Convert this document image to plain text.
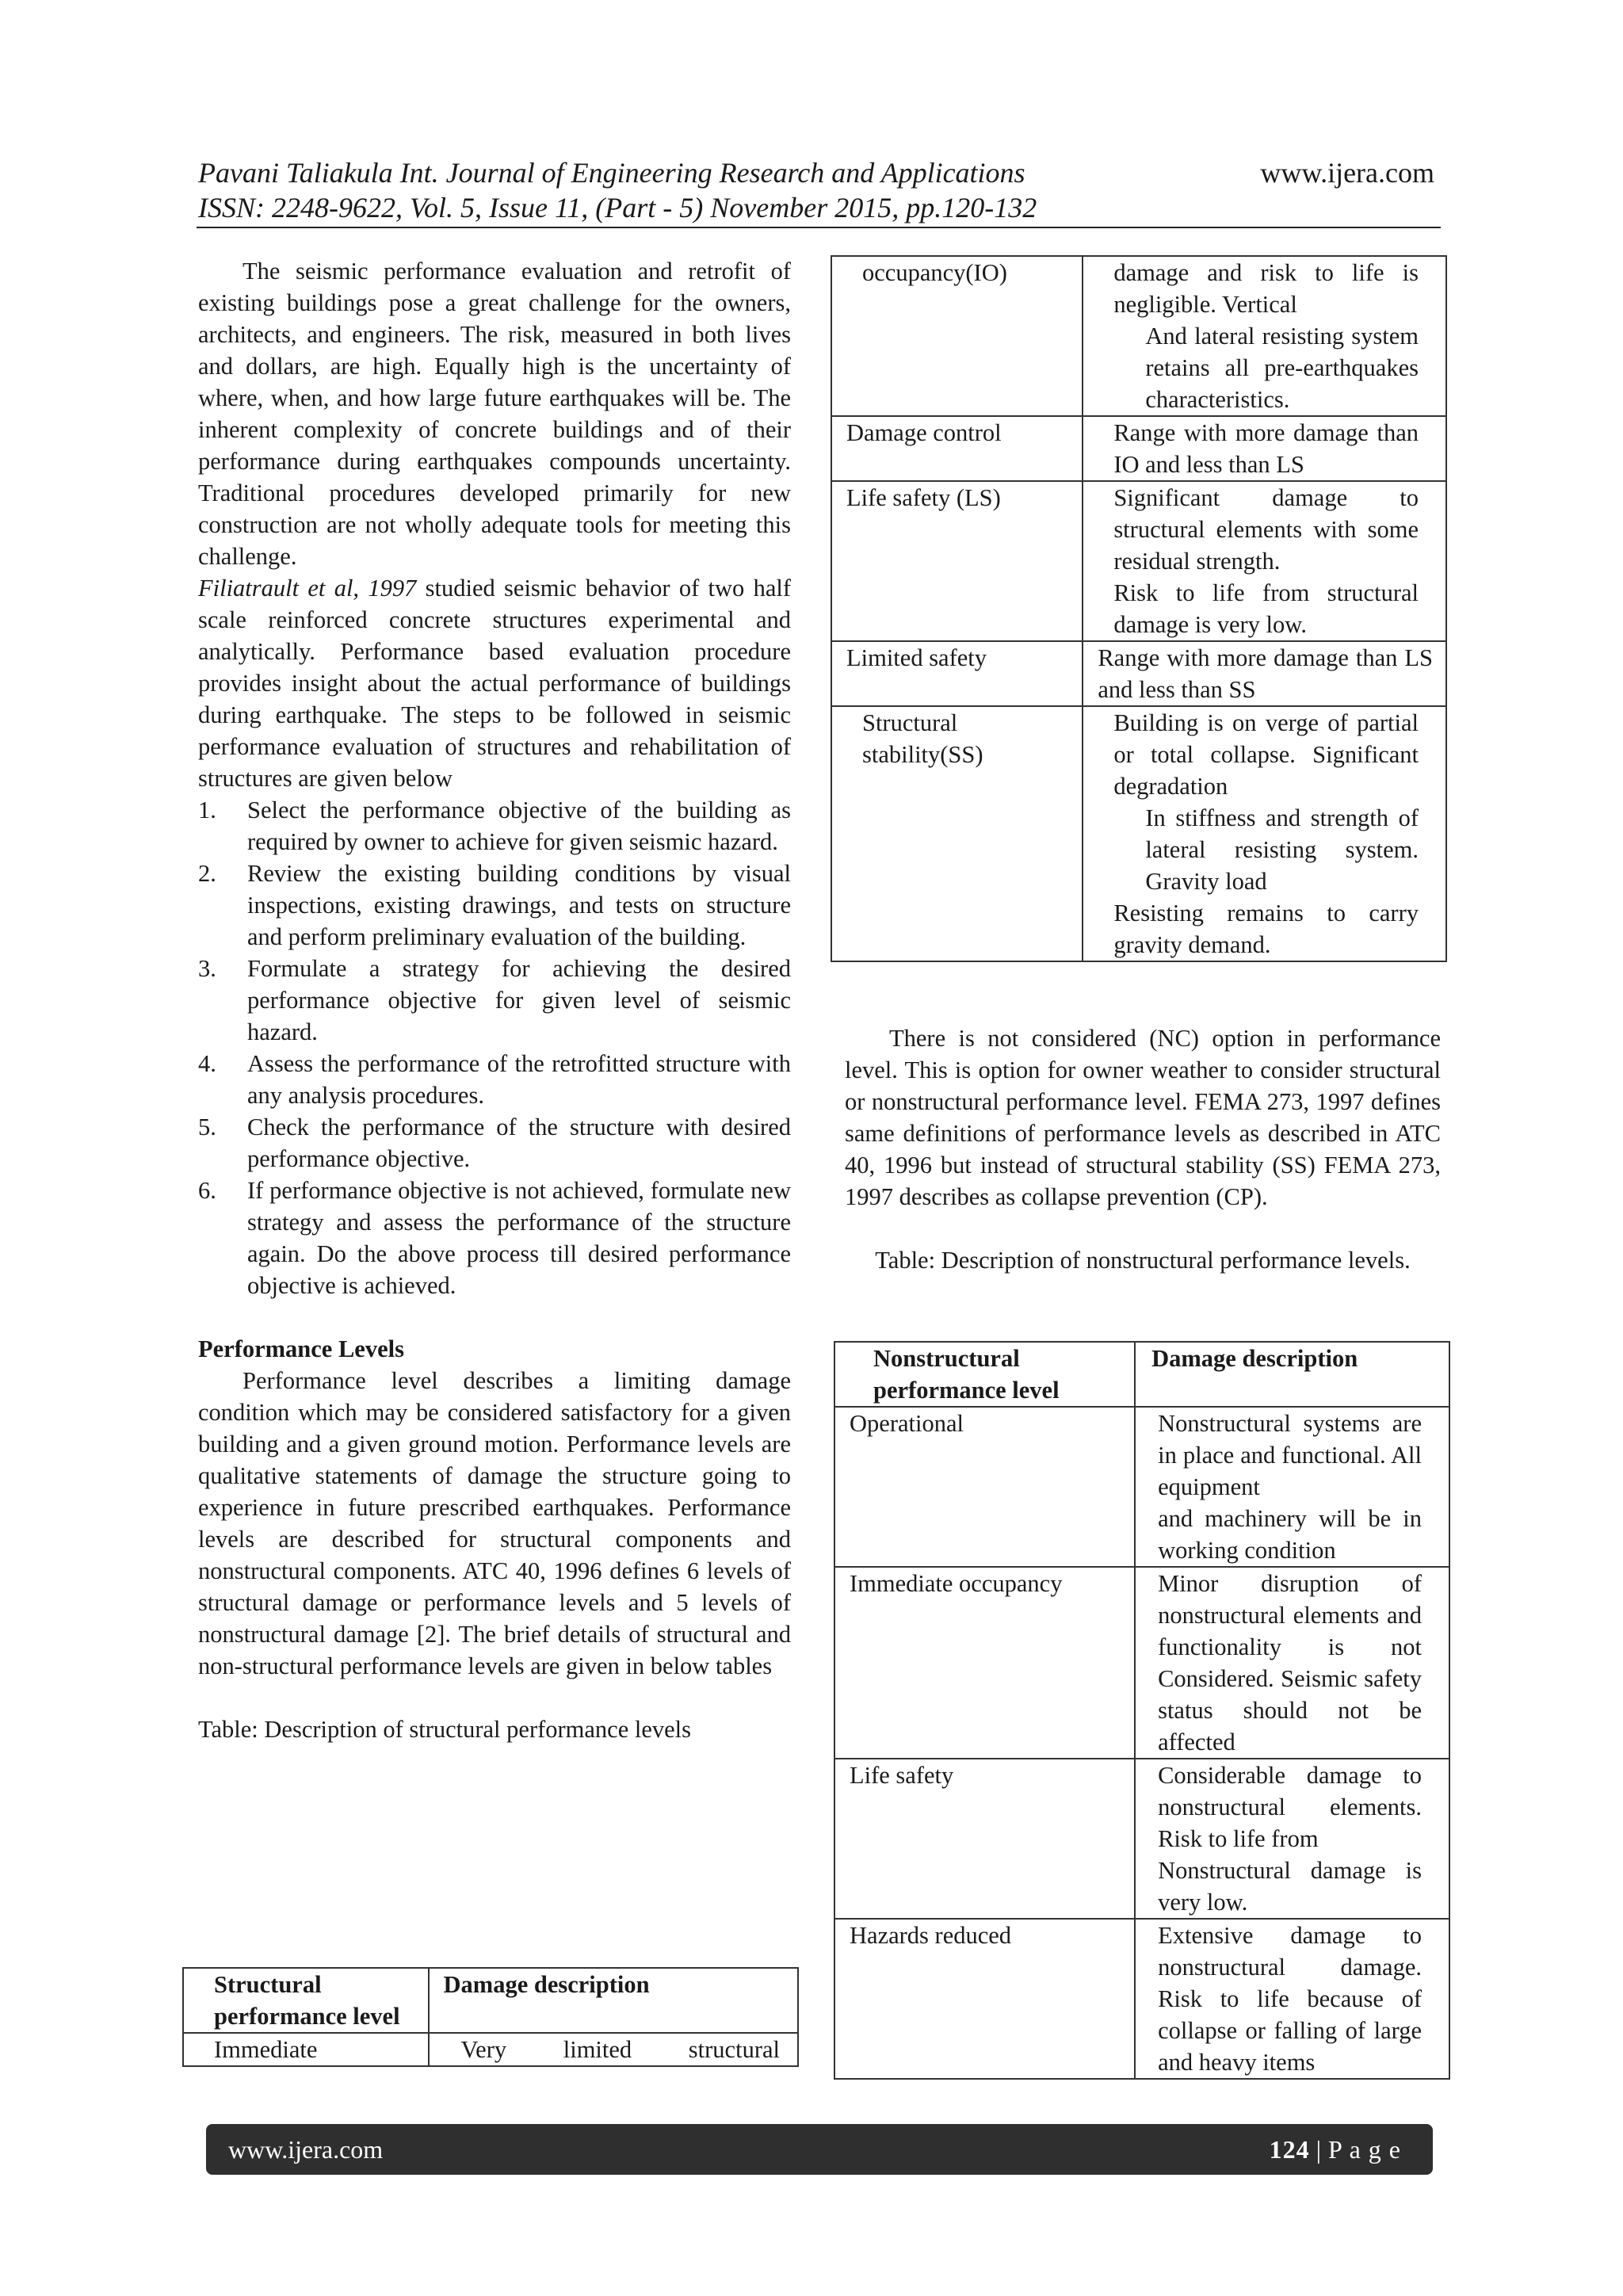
Pavani Taliakula Int. Journal of Engineering Research and Applications
ISSN: 2248-9622, Vol. 5, Issue 11, (Part - 5) November 2015, pp.120-132
www.ijera.com

The seismic performance evaluation and retrofit of existing buildings pose a great challenge for the owners, architects, and engineers. The risk, measured in both lives and dollars, are high. Equally high is the uncertainty of where, when, and how large future earthquakes will be. The inherent complexity of concrete buildings and of their performance during earthquakes compounds uncertainty. Traditional procedures developed primarily for new construction are not wholly adequate tools for meeting this challenge.

Filiatrault et al, 1997 studied seismic behavior of two half scale reinforced concrete structures experimental and analytically. Performance based evaluation procedure provides insight about the actual performance of buildings during earthquake. The steps to be followed in seismic performance evaluation of structures and rehabilitation of structures are given below

1. Select the performance objective of the building as required by owner to achieve for given seismic hazard.
2. Review the existing building conditions by visual inspections, existing drawings, and tests on structure and perform preliminary evaluation of the building.
3. Formulate a strategy for achieving the desired performance objective for given level of seismic hazard.
4. Assess the performance of the retrofitted structure with any analysis procedures.
5. Check the performance of the structure with desired performance objective.
6. If performance objective is not achieved, formulate new strategy and assess the performance of the structure again. Do the above process till desired performance objective is achieved.

Performance Levels

Performance level describes a limiting damage condition which may be considered satisfactory for a given building and a given ground motion. Performance levels are qualitative statements of damage the structure going to experience in future prescribed earthquakes. Performance levels are described for structural components and nonstructural components. ATC 40, 1996 defines 6 levels of structural damage or performance levels and 5 levels of nonstructural damage [2]. The brief details of structural and non-structural performance levels are given in below tables

Table: Description of structural performance levels

Structural performance level	Damage description
Immediate	Very limited structural
occupancy(IO)	damage and risk to life is negligible. Vertical
And lateral resisting system retains all pre-earthquakes characteristics.

Damage control	Range with more damage than IO and less than LS

Life safety (LS)	Significant damage to structural elements with some residual strength.
Risk to life from structural damage is very low.

Limited safety	Range with more damage than LS and less than SS

Structural stability(SS)	Building is on verge of partial or total collapse. Significant degradation
In stiffness and strength of lateral resisting system. Gravity load
Resisting remains to carry gravity demand.

There is not considered (NC) option in performance level. This is option for owner weather to consider structural or nonstructural performance level. FEMA 273, 1997 defines same definitions of performance levels as described in ATC 40, 1996 but instead of structural stability (SS) FEMA 273, 1997 describes as collapse prevention (CP).

Table: Description of nonstructural performance levels.

Nonstructural performance level	Damage description
Operational	Nonstructural systems are in place and functional. All equipment
and machinery will be in working condition

Immediate occupancy	Minor disruption of nonstructural elements and functionality is not Considered. Seismic safety status should not be affected

Life safety	Considerable damage to nonstructural elements. Risk to life from
Nonstructural damage is very low.

Hazards reduced	Extensive damage to nonstructural damage. Risk to life because of collapse or falling of large and heavy items
www.ijera.com	124 | P a g e
